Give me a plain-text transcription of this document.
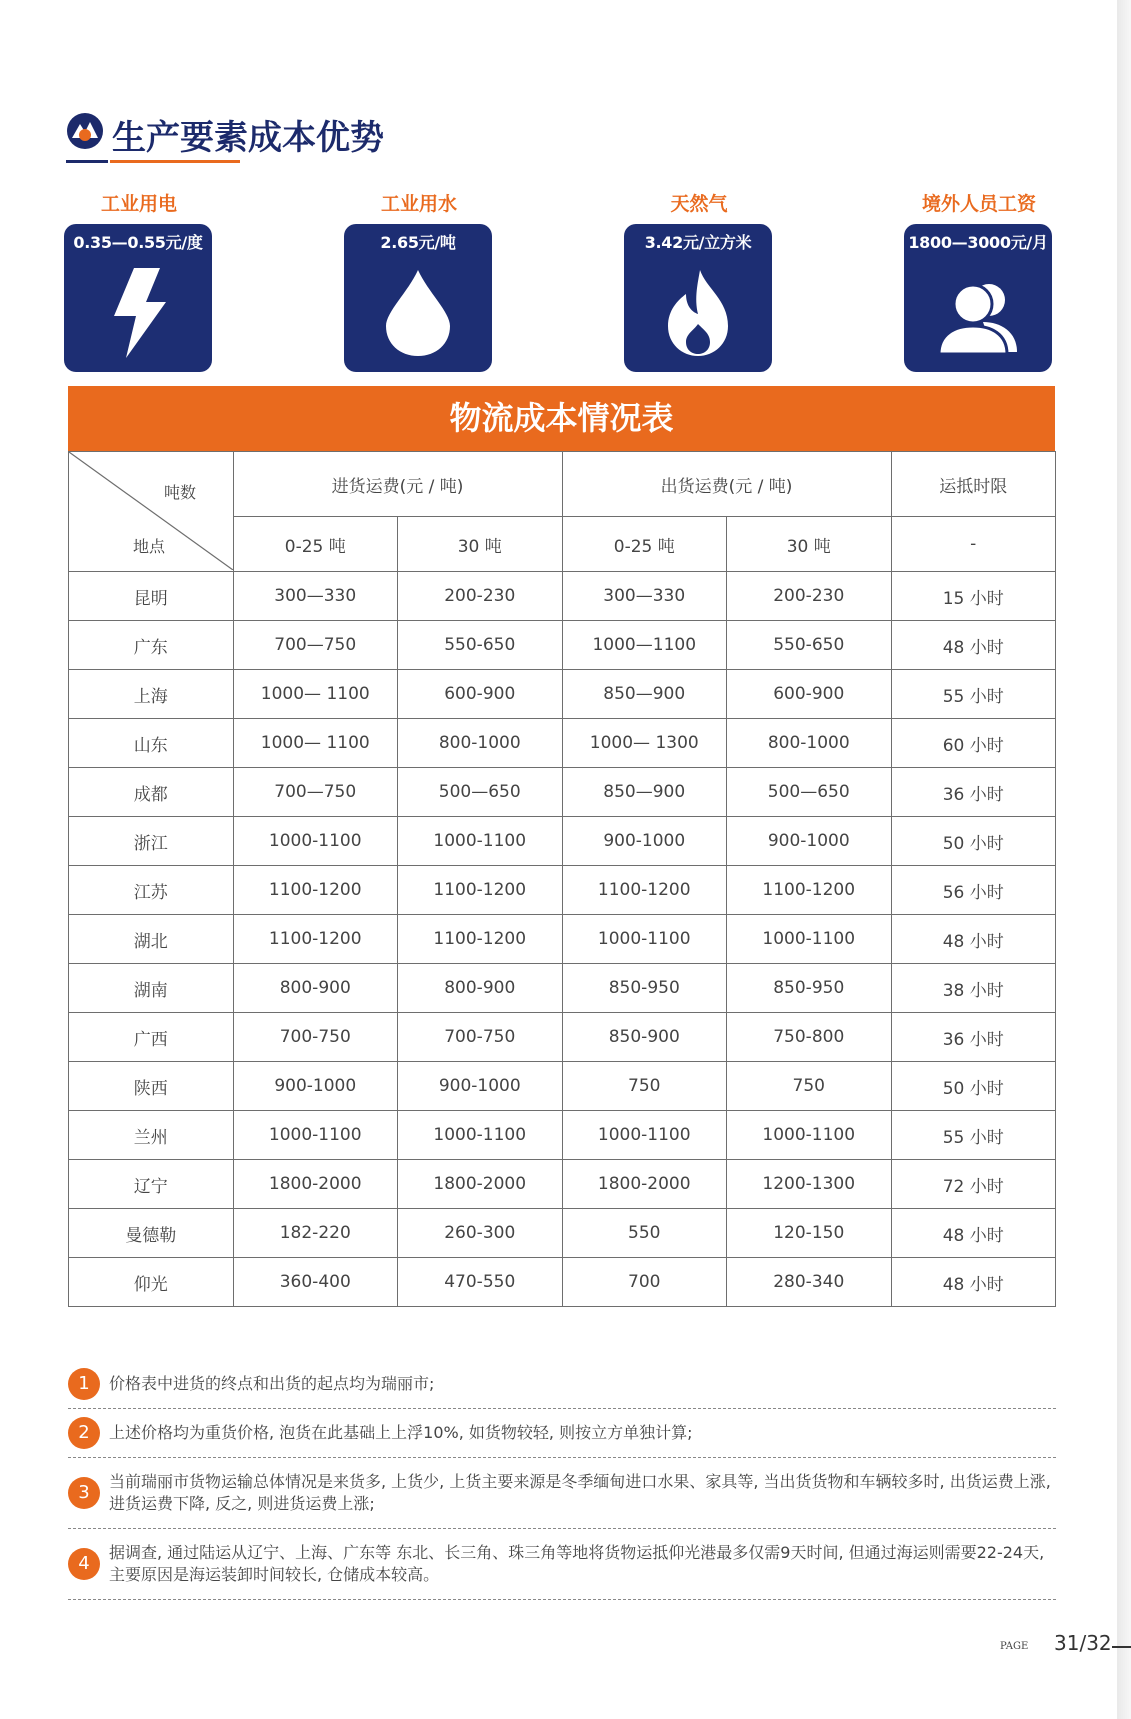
生产要素成本优势
工业用电
0.35—0.55元/度
工业用水
2.65元/吨
天然气
3.42元/立方米
境外人员工资
1800—3000元/月
物流成本情况表
吨数
地点	进货运费(元 / 吨)		出货运费(元 / 吨)		运抵时限
	0-25 吨	30 吨	0-25 吨	30 吨	-
昆明	300—330	200-230	300—330	200-230	15 小时
广东	700—750	550-650	1000—1100	550-650	48 小时
上海	1000— 1100	600-900	850—900	600-900	55 小时
山东	1000— 1100	800-1000	1000— 1300	800-1000	60 小时
成都	700—750	500—650	850—900	500—650	36 小时
浙江	1000-1100	1000-1100	900-1000	900-1000	50 小时
江苏	1100-1200	1100-1200	1100-1200	1100-1200	56 小时
湖北	1100-1200	1100-1200	1000-1100	1000-1100	48 小时
湖南	800-900	800-900	850-950	850-950	38 小时
广西	700-750	700-750	850-900	750-800	36 小时
陕西	900-1000	900-1000	750	750	50 小时
兰州	1000-1100	1000-1100	1000-1100	1000-1100	55 小时
辽宁	1800-2000	1800-2000	1800-2000	1200-1300	72 小时
曼德勒	182-220	260-300	550	120-150	48 小时
仰光	360-400	470-550	700	280-340	48 小时
1	价格表中进货的终点和出货的起点均为瑞丽市;
2	上述价格均为重货价格, 泡货在此基础上上浮10%, 如货物较轻, 则按立方单独计算;
3
当前瑞丽市货物运输总体情况是来货多, 上货少, 上货主要来源是冬季缅甸进口水果、家具等, 当出货货物和车辆较多时, 出货运费上涨, 进货运费下降, 反之, 则进货运费上涨;
4
据调查, 通过陆运从辽宁、上海、广东等 东北、长三角、珠三角等地将货物运抵仰光港最多仅需9天时间, 但通过海运则需要22-24天, 主要原因是海运装卸时间较长, 仓储成本较高。
PAGE 31/32
